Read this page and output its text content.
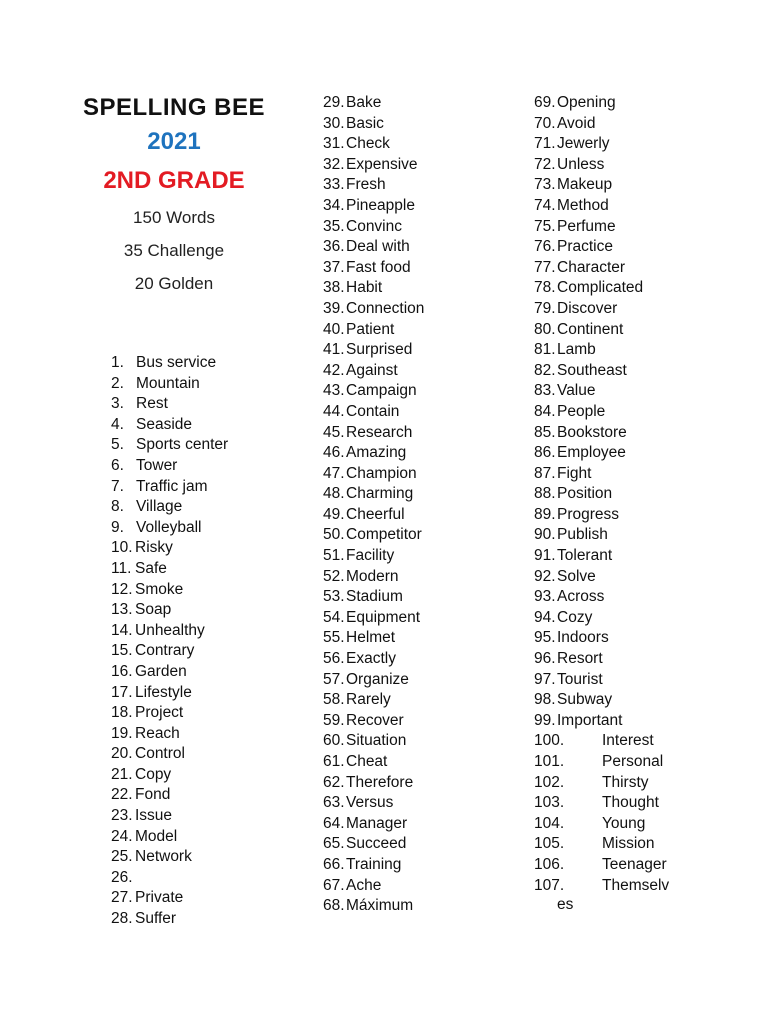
SPELLING BEE
2021
2ND GRADE
150 Words
35 Challenge
20 Golden
1. Bus service
2. Mountain
3. Rest
4. Seaside
5. Sports center
6. Tower
7. Traffic jam
8. Village
9. Volleyball
10. Risky
11. Safe
12. Smoke
13. Soap
14. Unhealthy
15. Contrary
16. Garden
17. Lifestyle
18. Project
19. Reach
20. Control
21. Copy
22. Fond
23. Issue
24. Model
25. Network
26.
27. Private
28. Suffer
29.Bake
30.Basic
31.Check
32.Expensive
33.Fresh
34.Pineapple
35.Convinc
36.Deal with
37.Fast food
38.Habit
39.Connection
40.Patient
41.Surprised
42.Against
43.Campaign
44.Contain
45.Research
46.Amazing
47.Champion
48.Charming
49.Cheerful
50.Competitor
51.Facility
52.Modern
53.Stadium
54.Equipment
55.Helmet
56.Exactly
57.Organize
58.Rarely
59.Recover
60.Situation
61.Cheat
62.Therefore
63.Versus
64.Manager
65.Succeed
66.Training
67.Ache
68.Máximum
69.Opening
70.Avoid
71.Jewerly
72.Unless
73.Makeup
74.Method
75.Perfume
76.Practice
77.Character
78.Complicated
79.Discover
80.Continent
81.Lamb
82.Southeast
83.Value
84.People
85.Bookstore
86.Employee
87.Fight
88.Position
89.Progress
90.Publish
91.Tolerant
92.Solve
93.Across
94.Cozy
95.Indoors
96.Resort
97.Tourist
98.Subway
99.Important
100. Interest
101. Personal
102. Thirsty
103. Thought
104. Young
105. Mission
106. Teenager
107. Themselv
es
